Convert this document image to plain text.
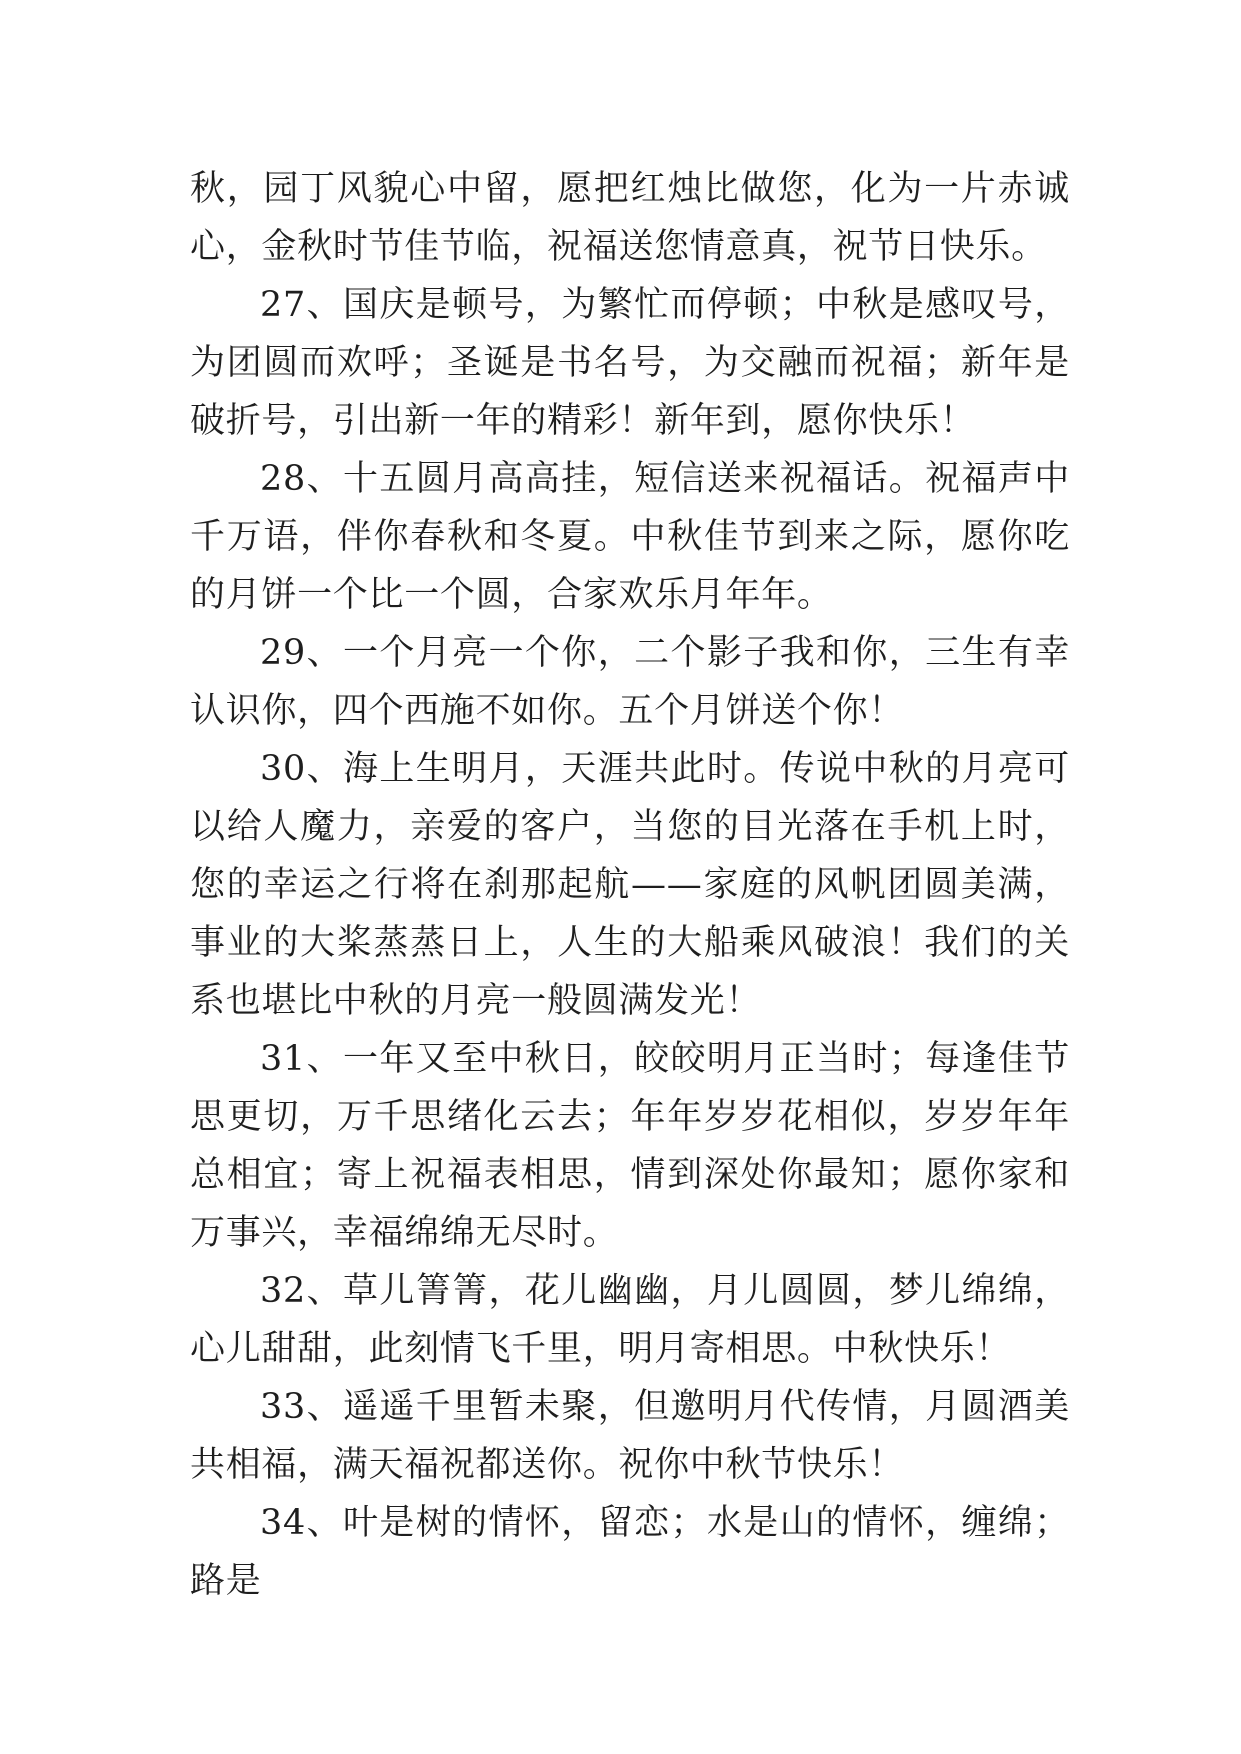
秋，园丁风貌心中留，愿把红烛比做您，化为一片赤诚心，金秋时节佳节临，祝福送您情意真，祝节日快乐。

27、国庆是顿号，为繁忙而停顿；中秋是感叹号，为团圆而欢呼；圣诞是书名号，为交融而祝福；新年是破折号，引出新一年的精彩！新年到，愿你快乐！

28、十五圆月高高挂，短信送来祝福话。祝福声中千万语，伴你春秋和冬夏。中秋佳节到来之际，愿你吃的月饼一个比一个圆，合家欢乐月年年。

29、一个月亮一个你，二个影子我和你，三生有幸认识你，四个西施不如你。五个月饼送个你！

30、海上生明月，天涯共此时。传说中秋的月亮可以给人魔力，亲爱的客户，当您的目光落在手机上时，您的幸运之行将在刹那起航——家庭的风帆团圆美满，事业的大桨蒸蒸日上，人生的大船乘风破浪！我们的关系也堪比中秋的月亮一般圆满发光！

31、一年又至中秋日，皎皎明月正当时；每逢佳节思更切，万千思绪化云去；年年岁岁花相似，岁岁年年总相宜；寄上祝福表相思，情到深处你最知；愿你家和万事兴，幸福绵绵无尽时。

32、草儿箐箐，花儿幽幽，月儿圆圆，梦儿绵绵，心儿甜甜，此刻情飞千里，明月寄相思。中秋快乐！

33、遥遥千里暂未聚，但邀明月代传情，月圆酒美共相福，满天福祝都送你。祝你中秋节快乐！

34、叶是树的情怀，留恋；水是山的情怀，缠绵；路是
